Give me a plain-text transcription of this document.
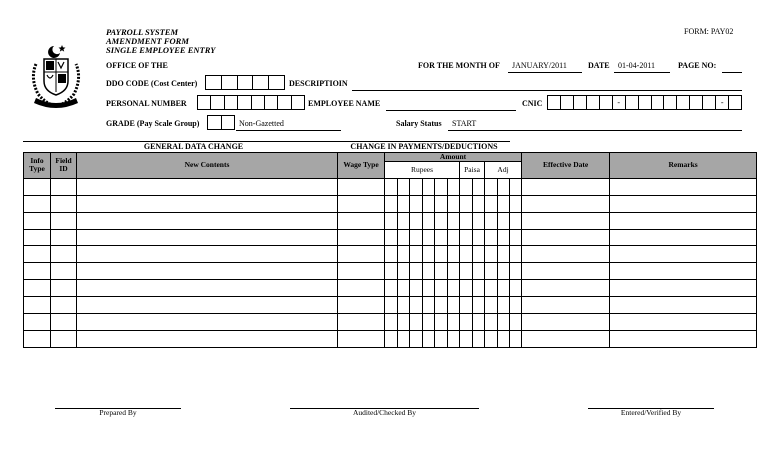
PAYROLL SYSTEM
AMENDMENT FORM
SINGLE EMPLOYEE ENTRY
FORM: PAY02
OFFICE OF THE	FOR THE MONTH OF JANUARY/2011	DATE 01-04-2011	PAGE NO:
DDO CODE (Cost Center)	DESCRIPTIOIN
PERSONAL NUMBER	EMPLOYEE NAME	CNIC	-	-
GRADE (Pay Scale Group)	Non-Gazetted	Salary Status START
GENERAL DATA CHANGE	CHANGE IN PAYMENTS/DEDUCTIONS
Info Type	Field ID	New Contents	Wage Type	Amount											Effective Date	Remarks
				Rupees						Paisa		Adj				

Prepared By	Audited/Checked By	Entered/Verified By
